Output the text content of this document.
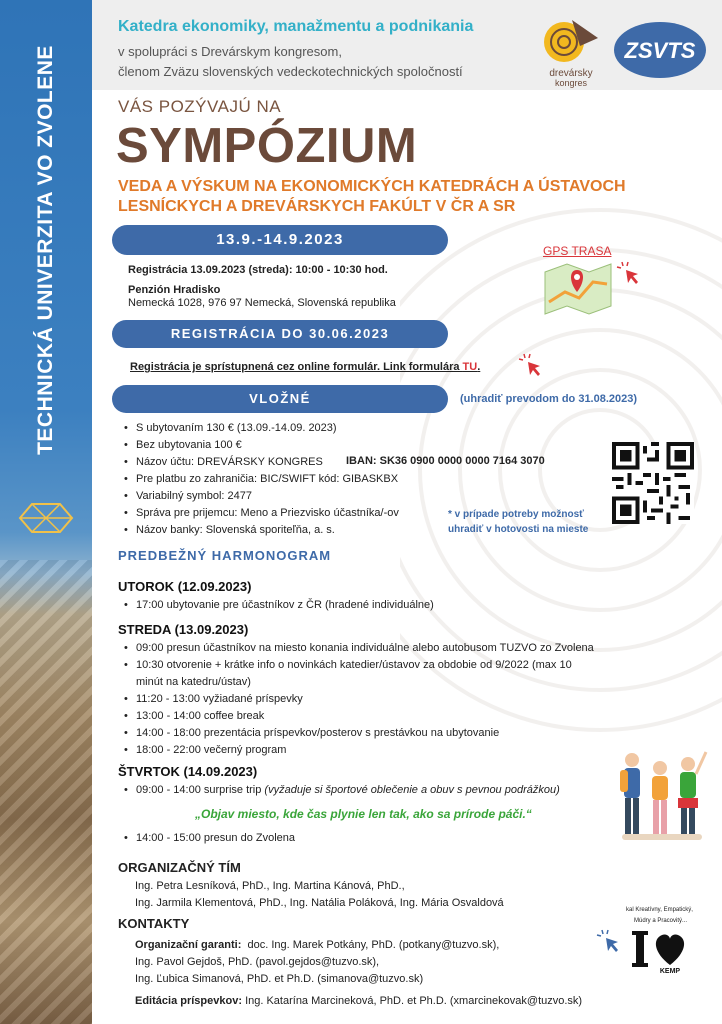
TECHNICKÁ UNIVERZITA VO ZVOLENE
Katedra ekonomiky, manažmentu a podnikania
v spolupráci s Drevárskym kongresom,
členom Zväzu slovenských vedeckotechnických spoločností	drevársky
kongres
ZSVTS
VÁS POZÝVAJÚ NA
SYMPÓZIUM
VEDA A VÝSKUM NA EKONOMICKÝCH KATEDRÁCH A ÚSTAVOCH
LESNÍCKYCH A DREVÁRSKYCH FAKÚLT V ČR A SR
13.9.-14.9.2023
Registrácia 13.09.2023 (streda): 10:00 - 10:30 hod.
Penzión Hradisko
Nemecká 1028, 976 97 Nemecká, Slovenská republika
GPS TRASA
REGISTRÁCIA DO 30.06.2023
Registrácia je sprístupnená cez online formulár. Link formulára TU.
VLOŽNÉ	(uhradiť prevodom do 31.08.2023)
• S ubytovaním 130 € (13.09.-14.09. 2023)
• Bez ubytovania 100 €
• Názov účtu: DREVÁRSKY KONGRES
• Pre platbu zo zahraničia: BIC/SWIFT kód: GIBASKBX
• Variabilný symbol: 2477
• Správa pre prijemcu: Meno a Priezvisko účastníka/-ov
• Názov banky: Slovenská sporiteľňa, a. s.
IBAN: SK36 0900 0000 0000 7164 3070
* v prípade potreby možnosť
uhradiť v hotovosti na mieste
PREDBEŽNÝ HARMONOGRAM
UTOROK (12.09.2023)
• 17:00 ubytovanie pre účastníkov z ČR (hradené individuálne)
STREDA (13.09.2023)
• 09:00 presun účastníkov na miesto konania individuálne alebo autobusom TUZVO zo Zvolena
• 10:30 otvorenie + krátke info o novinkách katedier/ústavov za obdobie od 9/2022 (max 10 minút na katedru/ústav)
• 11:20 - 13:00 vyžiadané príspevky
• 13:00 - 14:00 coffee break
• 14:00 - 18:00 prezentácia príspevkov/posterov s prestávkou na ubytovanie
• 18:00 - 22:00 večerný program
ŠTVRTOK (14.09.2023)
• 09:00 - 14:00 surprise trip (vyžaduje si športové oblečenie a obuv s pevnou podrážkou)
„Objav miesto, kde čas plynie len tak, ako sa prírode páči.“
• 14:00 - 15:00 presun do Zvolena
ORGANIZAČNÝ TÍM
Ing. Petra Lesníková, PhD., Ing. Martina Kánová, PhD.,
Ing. Jarmila Klementová, PhD., Ing. Natália Poláková, Ing. Mária Osvaldová
KONTAKTY
Organizační garanti: doc. Ing. Marek Potkány, PhD. (potkany@tuzvo.sk),
Ing. Pavol Gejdoš, PhD. (pavol.gejdos@tuzvo.sk),
Ing. Ľubica Simanová, PhD. et Ph.D. (simanova@tuzvo.sk)
Editácia príspevkov: Ing. Katarína Marcineková, PhD. et Ph.D. (xmarcinekovak@tuzvo.sk)
kal Kreatívny, Empatický,
Múdry a Pracovitý...
KEMP
